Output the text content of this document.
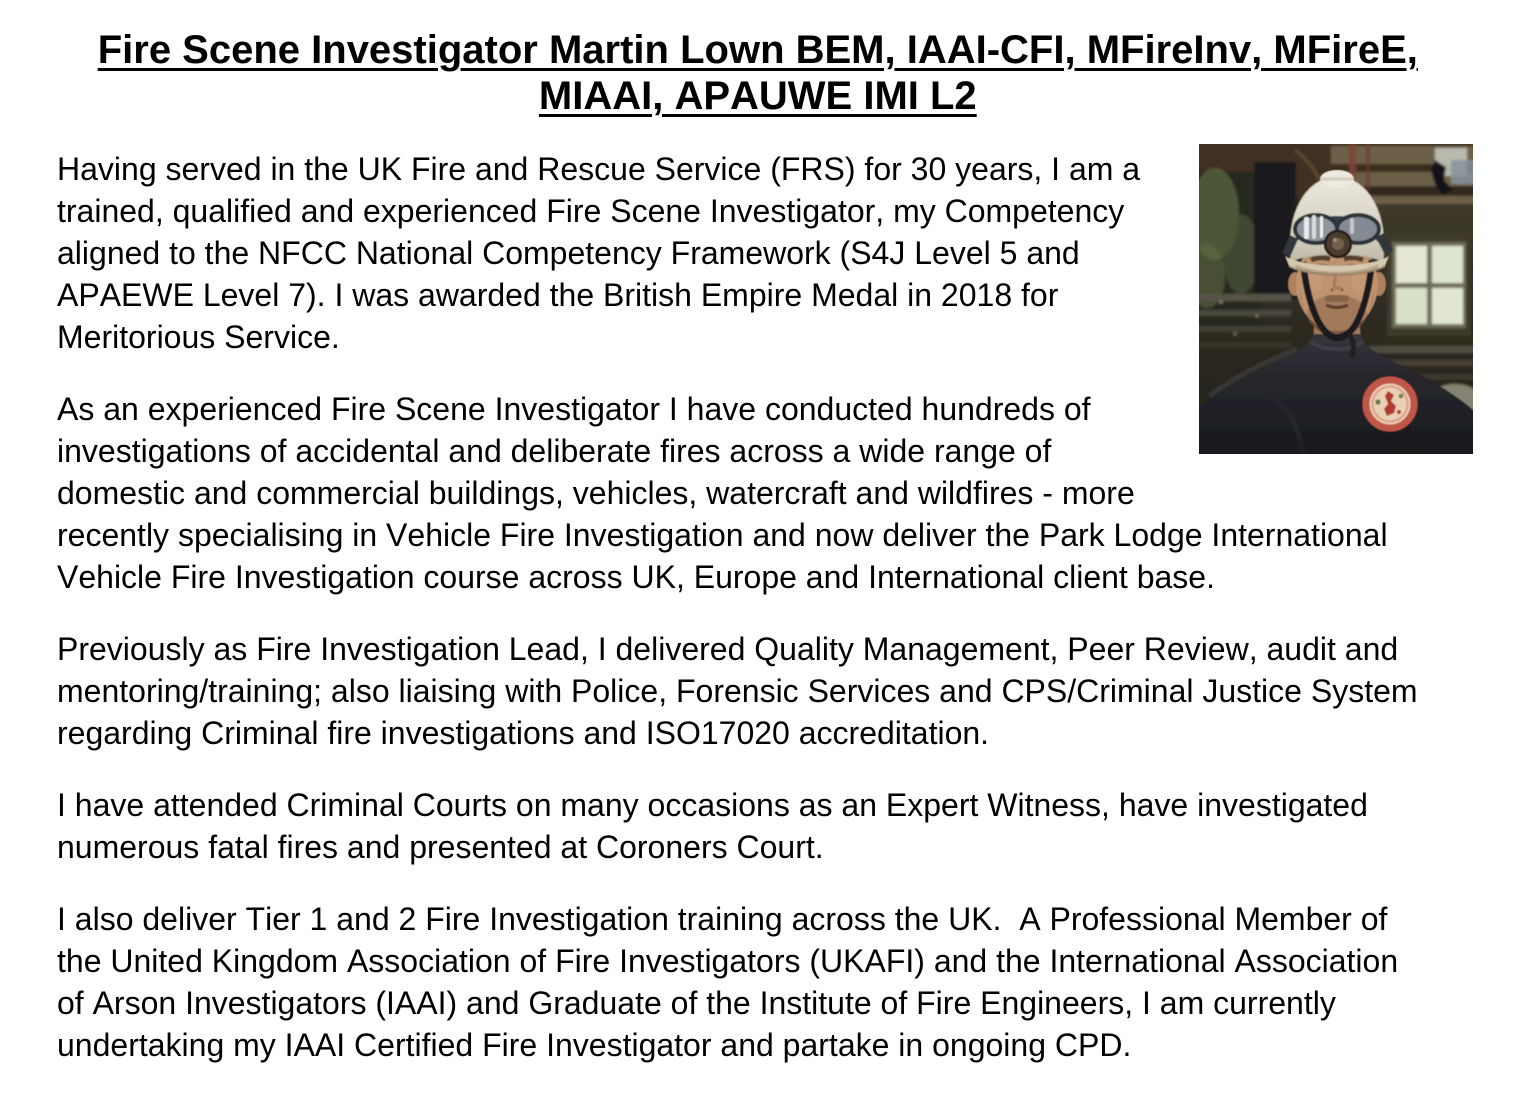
Fire Scene Investigator Martin Lown BEM, IAAI-CFI, MFireInv, MFireE,
MIAAI, APAUWE IMI L2

Having served in the UK Fire and Rescue Service (FRS) for 30 years, I am a trained, qualified and experienced Fire Scene Investigator, my Competency aligned to the NFCC National Competency Framework (S4J Level 5 and APAEWE Level 7). I was awarded the British Empire Medal in 2018 for Meritorious Service.

As an experienced Fire Scene Investigator I have conducted hundreds of investigations of accidental and deliberate fires across a wide range of domestic and commercial buildings, vehicles, watercraft and wildfires - more recently specialising in Vehicle Fire Investigation and now deliver the Park Lodge International Vehicle Fire Investigation course across UK, Europe and International client base.

Previously as Fire Investigation Lead, I delivered Quality Management, Peer Review, audit and mentoring/training; also liaising with Police, Forensic Services and CPS/Criminal Justice System regarding Criminal fire investigations and ISO17020 accreditation.

I have attended Criminal Courts on many occasions as an Expert Witness, have investigated numerous fatal fires and presented at Coroners Court.

I also deliver Tier 1 and 2 Fire Investigation training across the UK.  A Professional Member of the United Kingdom Association of Fire Investigators (UKAFI) and the International Association of Arson Investigators (IAAI) and Graduate of the Institute of Fire Engineers, I am currently undertaking my IAAI Certified Fire Investigator and partake in ongoing CPD.
